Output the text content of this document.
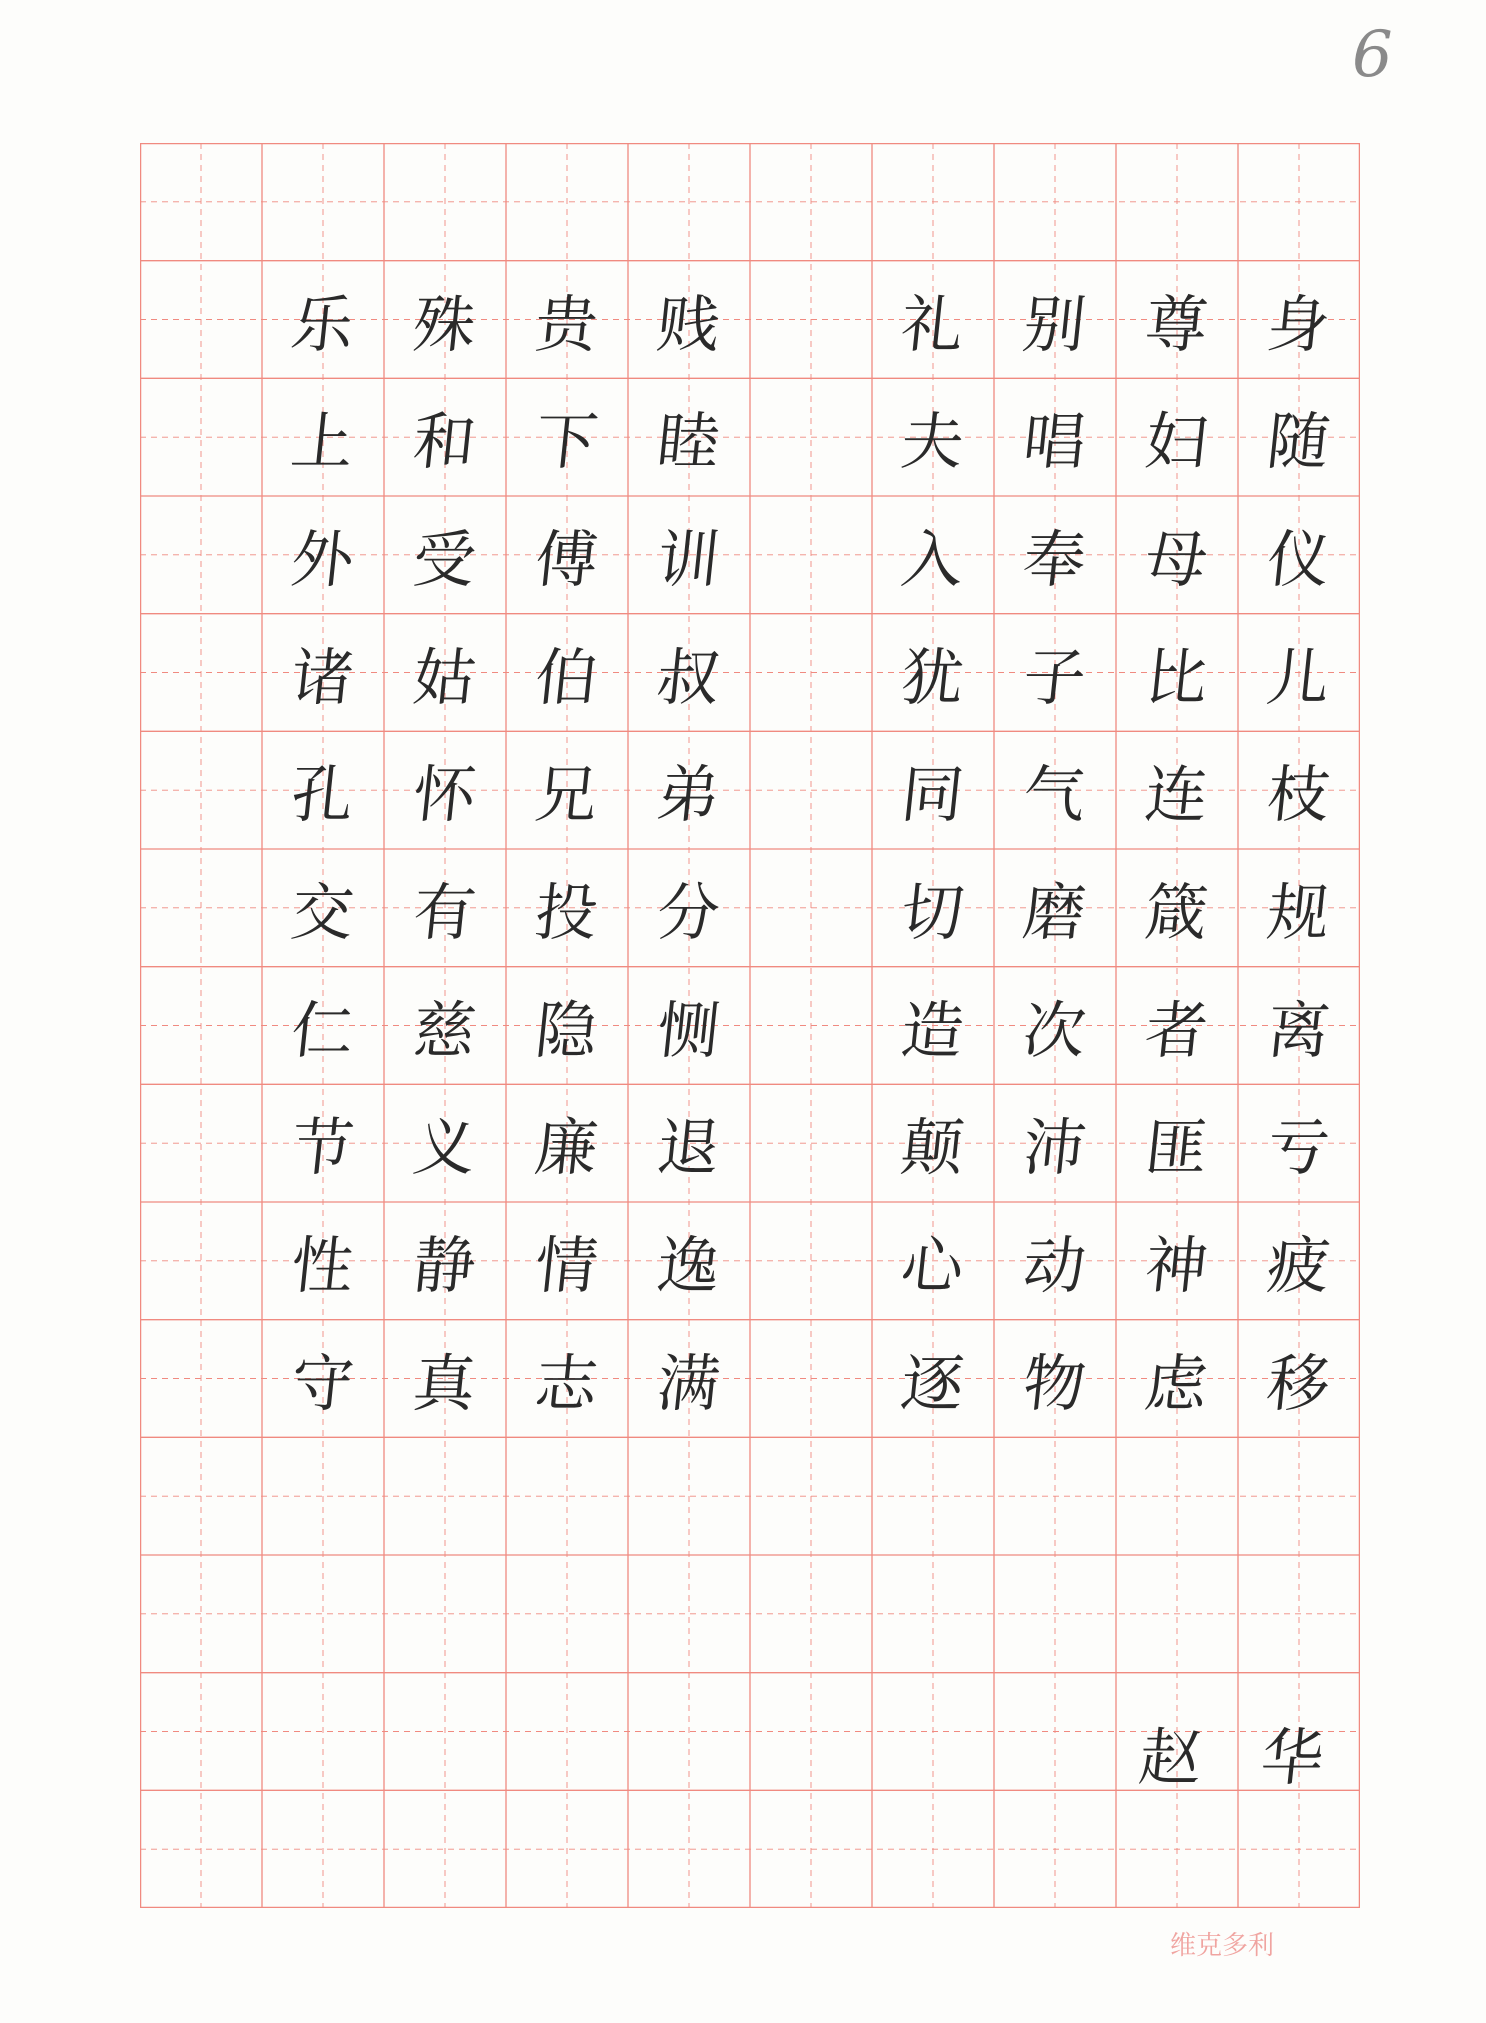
6
身
随
仪
儿
枝
规
离
亏
疲
移
尊
妇
母
比
连
箴
者
匪
神
虑
别
唱
奉
子
气
磨
次
沛
动
物
礼
夫
入
犹
同
切
造
颠
心
逐
贱
睦
训
叔
弟
分
恻
退
逸
满
贵
下
傅
伯
兄
投
隐
廉
情
志
殊
和
受
姑
怀
有
慈
义
静
真
乐
上
外
诸
孔
交
仁
节
性
守
赵华
维克多利
